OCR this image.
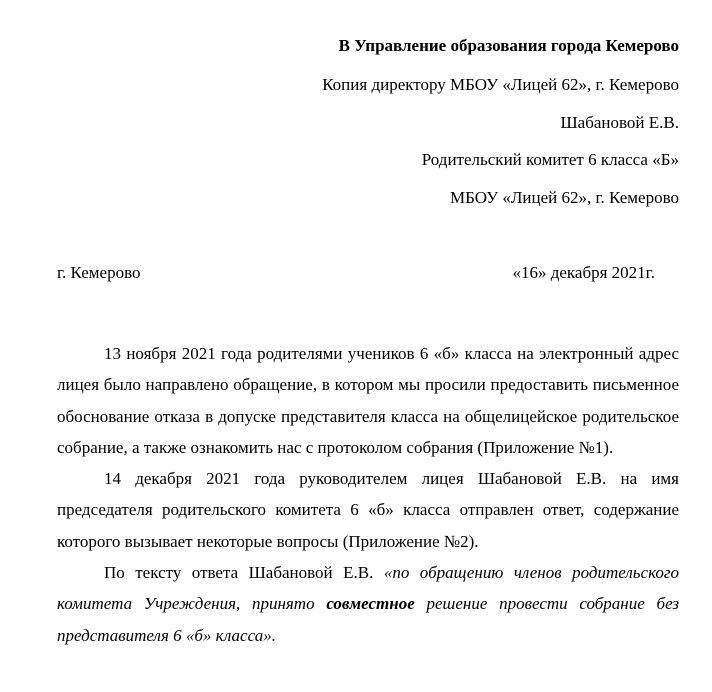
В Управление образования города Кемерово
Копия директору МБОУ «Лицей 62», г. Кемерово
Шабановой Е.В.
Родительский комитет 6 класса «Б»
МБОУ «Лицей 62», г. Кемерово
г. Кемерово	«16» декабря 2021г.

13 ноября 2021 года родителями учеников 6 «б» класса на электронный адрес лицея было направлено обращение, в котором мы просили предоставить письменное обоснование отказа в допуске представителя класса на общелицейское родительское собрание, а также ознакомить нас с протоколом собрания (Приложение №1).

14 декабря 2021 года руководителем лицея Шабановой Е.В. на имя председателя родительского комитета 6 «б» класса отправлен ответ, содержание которого вызывает некоторые вопросы (Приложение №2).

По тексту ответа Шабановой Е.В. «по обращению членов родительского комитета Учреждения, принято совместное решение провести собрание без представителя 6 «б» класса».
